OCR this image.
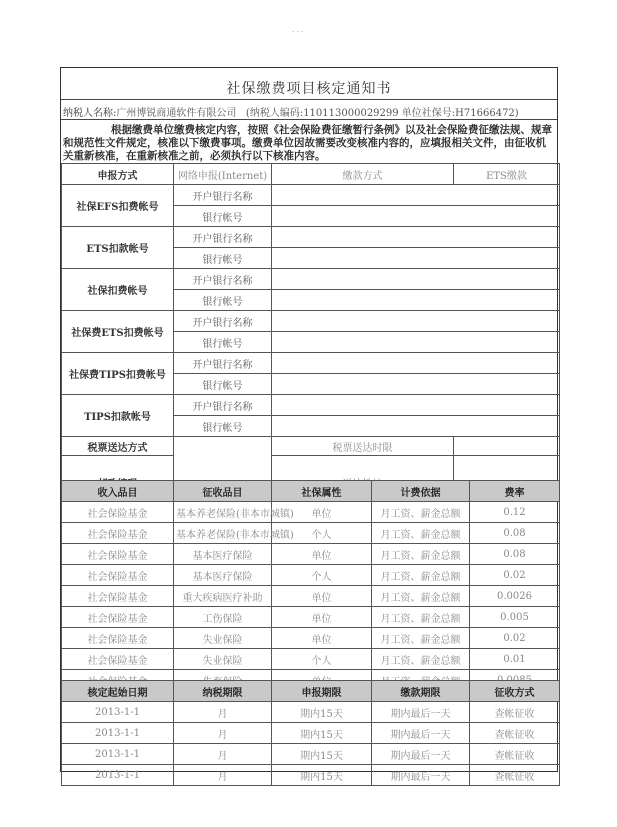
- - -
社保缴费项目核定通知书
纳税人名称:广州博锐商通软件有限公司 (纳税人编码:110113000029299 单位社保号:H71666472)
根据缴费单位缴费核定内容，按照《社会保险费征缴暂行条例》以及社会保险费征缴法规、规章和规范性文件规定，核准以下缴费事项。缴费单位因故需要改变核准内容的，应填报相关文件，由征收机关重新核准，在重新核准之前，必须执行以下核准内容。
申报方式	网络申报(Internet)	缴款方式	ETS缴款
社保EFS扣费帐号	开户银行名称		
	银行帐号		
ETS扣款帐号	开户银行名称		
	银行帐号		
社保扣费帐号	开户银行名称		
	银行帐号		
社保费ETS扣费帐号	开户银行名称		
	银行帐号		
社保费TIPS扣费帐号	开户银行名称		
	银行帐号		
TIPS扣款帐号	开户银行名称		
	银行帐号		
税票送达方式		税票送达时限	

收入品目	征收品目	社保属性	计费依据	费率
社会保险基金	基本养老保险(非本市城镇)	单位	月工资、薪金总额	0.12
社会保险基金	基本养老保险(非本市城镇)	个人	月工资、薪金总额	0.08
社会保险基金	基本医疗保险	单位	月工资、薪金总额	0.08
社会保险基金	基本医疗保险	个人	月工资、薪金总额	0.02
社会保险基金	重大疾病医疗补助	单位	月工资、薪金总额	0.0026
社会保险基金	工伤保险	单位	月工资、薪金总额	0.005
社会保险基金	失业保险	单位	月工资、薪金总额	0.02
社会保险基金	失业保险	个人	月工资、薪金总额	0.01

核定起始日期	纳税期限	申报期限	缴款期限	征收方式
2013-1-1	月	期内15天	期内最后一天	查帐征收
2013-1-1	月	期内15天	期内最后一天	查帐征收
2013-1-1	月	期内15天	期内最后一天	查帐征收
2013-1-1	月	期内15天	期内最后一天	查帐征收
